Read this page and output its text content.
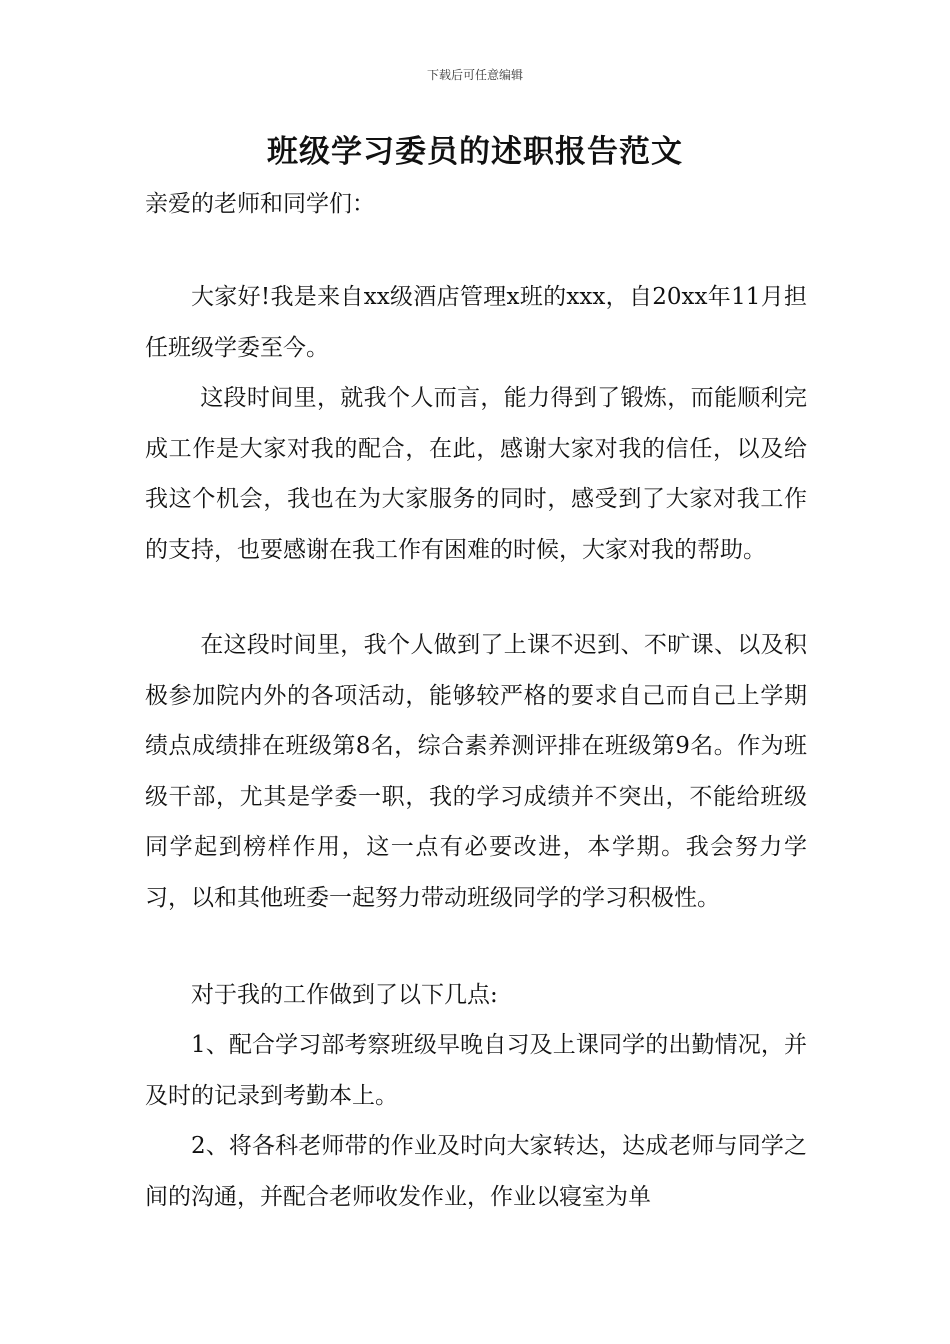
下载后可任意编辑
班级学习委员的述职报告范文
亲爱的老师和同学们：
大家好!我是来自xx级酒店管理x班的xxx，自20xx年11月担任班级学委至今。
这段时间里，就我个人而言，能力得到了锻炼，而能顺利完成工作是大家对我的配合，在此，感谢大家对我的信任，以及给我这个机会，我也在为大家服务的同时，感受到了大家对我工作的支持，也要感谢在我工作有困难的时候，大家对我的帮助。
在这段时间里，我个人做到了上课不迟到、不旷课、以及积极参加院内外的各项活动，能够较严格的要求自己而自己上学期绩点成绩排在班级第8名，综合素养测评排在班级第9名。作为班级干部，尤其是学委一职，我的学习成绩并不突出，不能给班级同学起到榜样作用，这一点有必要改进，本学期。我会努力学习，以和其他班委一起努力带动班级同学的学习积极性。
对于我的工作做到了以下几点:
1、配合学习部考察班级早晚自习及上课同学的出勤情况，并及时的记录到考勤本上。
2、将各科老师带的作业及时向大家转达，达成老师与同学之间的沟通，并配合老师收发作业，作业以寝室为单
